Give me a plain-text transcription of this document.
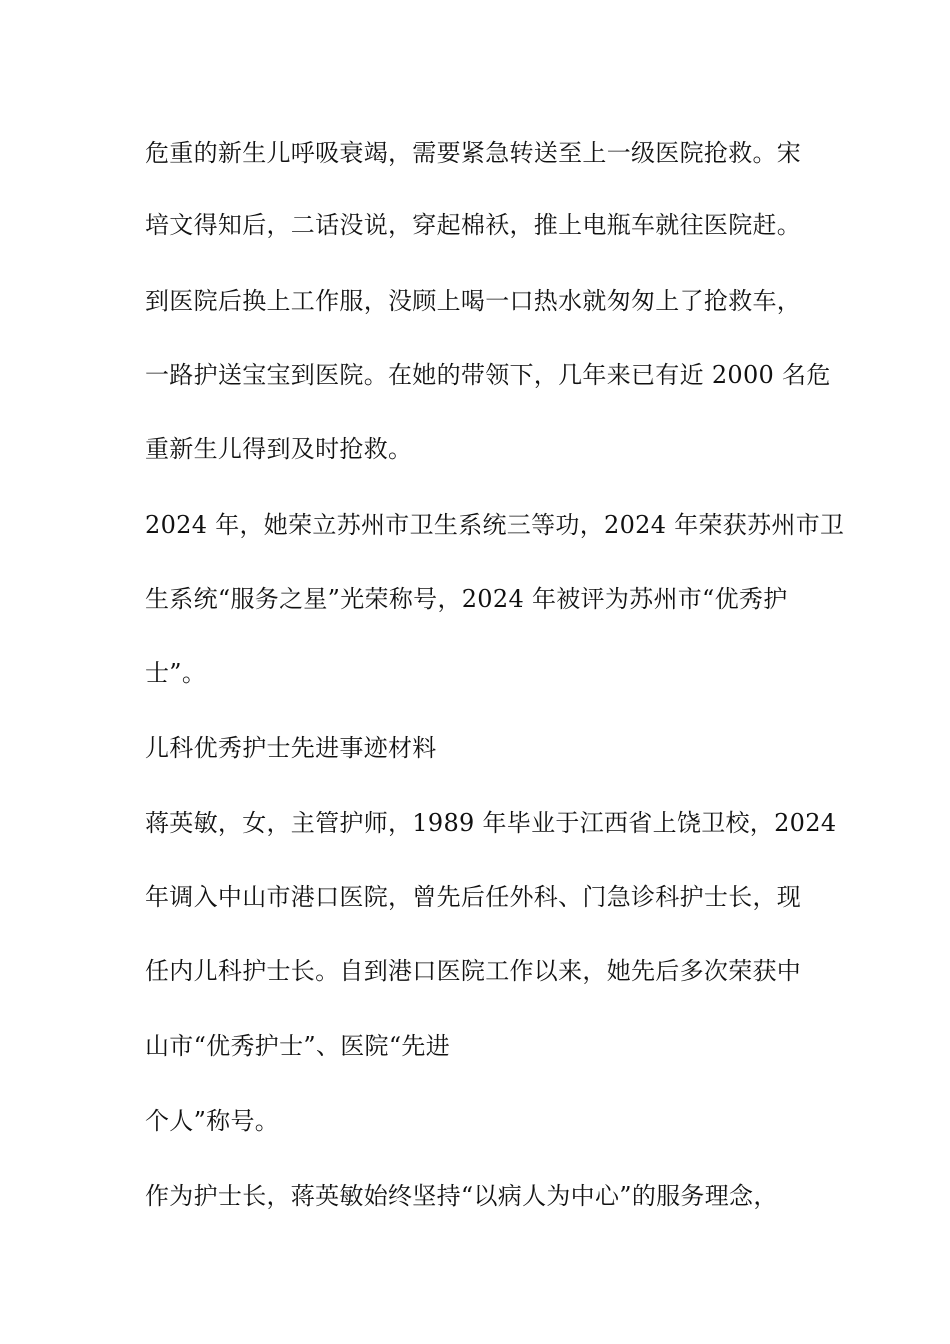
危重的新生儿呼吸衰竭，需要紧急转送至上一级医院抢救。宋
培文得知后，二话没说，穿起棉袄，推上电瓶车就往医院赶。
到医院后换上工作服，没顾上喝一口热水就匆匆上了抢救车，
一路护送宝宝到医院。在她的带领下，几年来已有近 2000 名危
重新生儿得到及时抢救。
2024 年，她荣立苏州市卫生系统三等功，2024 年荣获苏州市卫
生系统“服务之星”光荣称号，2024 年被评为苏州市“优秀护
士”。
儿科优秀护士先进事迹材料
蒋英敏，女，主管护师，1989 年毕业于江西省上饶卫校，2024
年调入中山市港口医院，曾先后任外科、门急诊科护士长，现
任内儿科护士长。自到港口医院工作以来，她先后多次荣获中
山市“优秀护士”、医院“先进
个人”称号。
作为护士长，蒋英敏始终坚持“以病人为中心”的服务理念，
